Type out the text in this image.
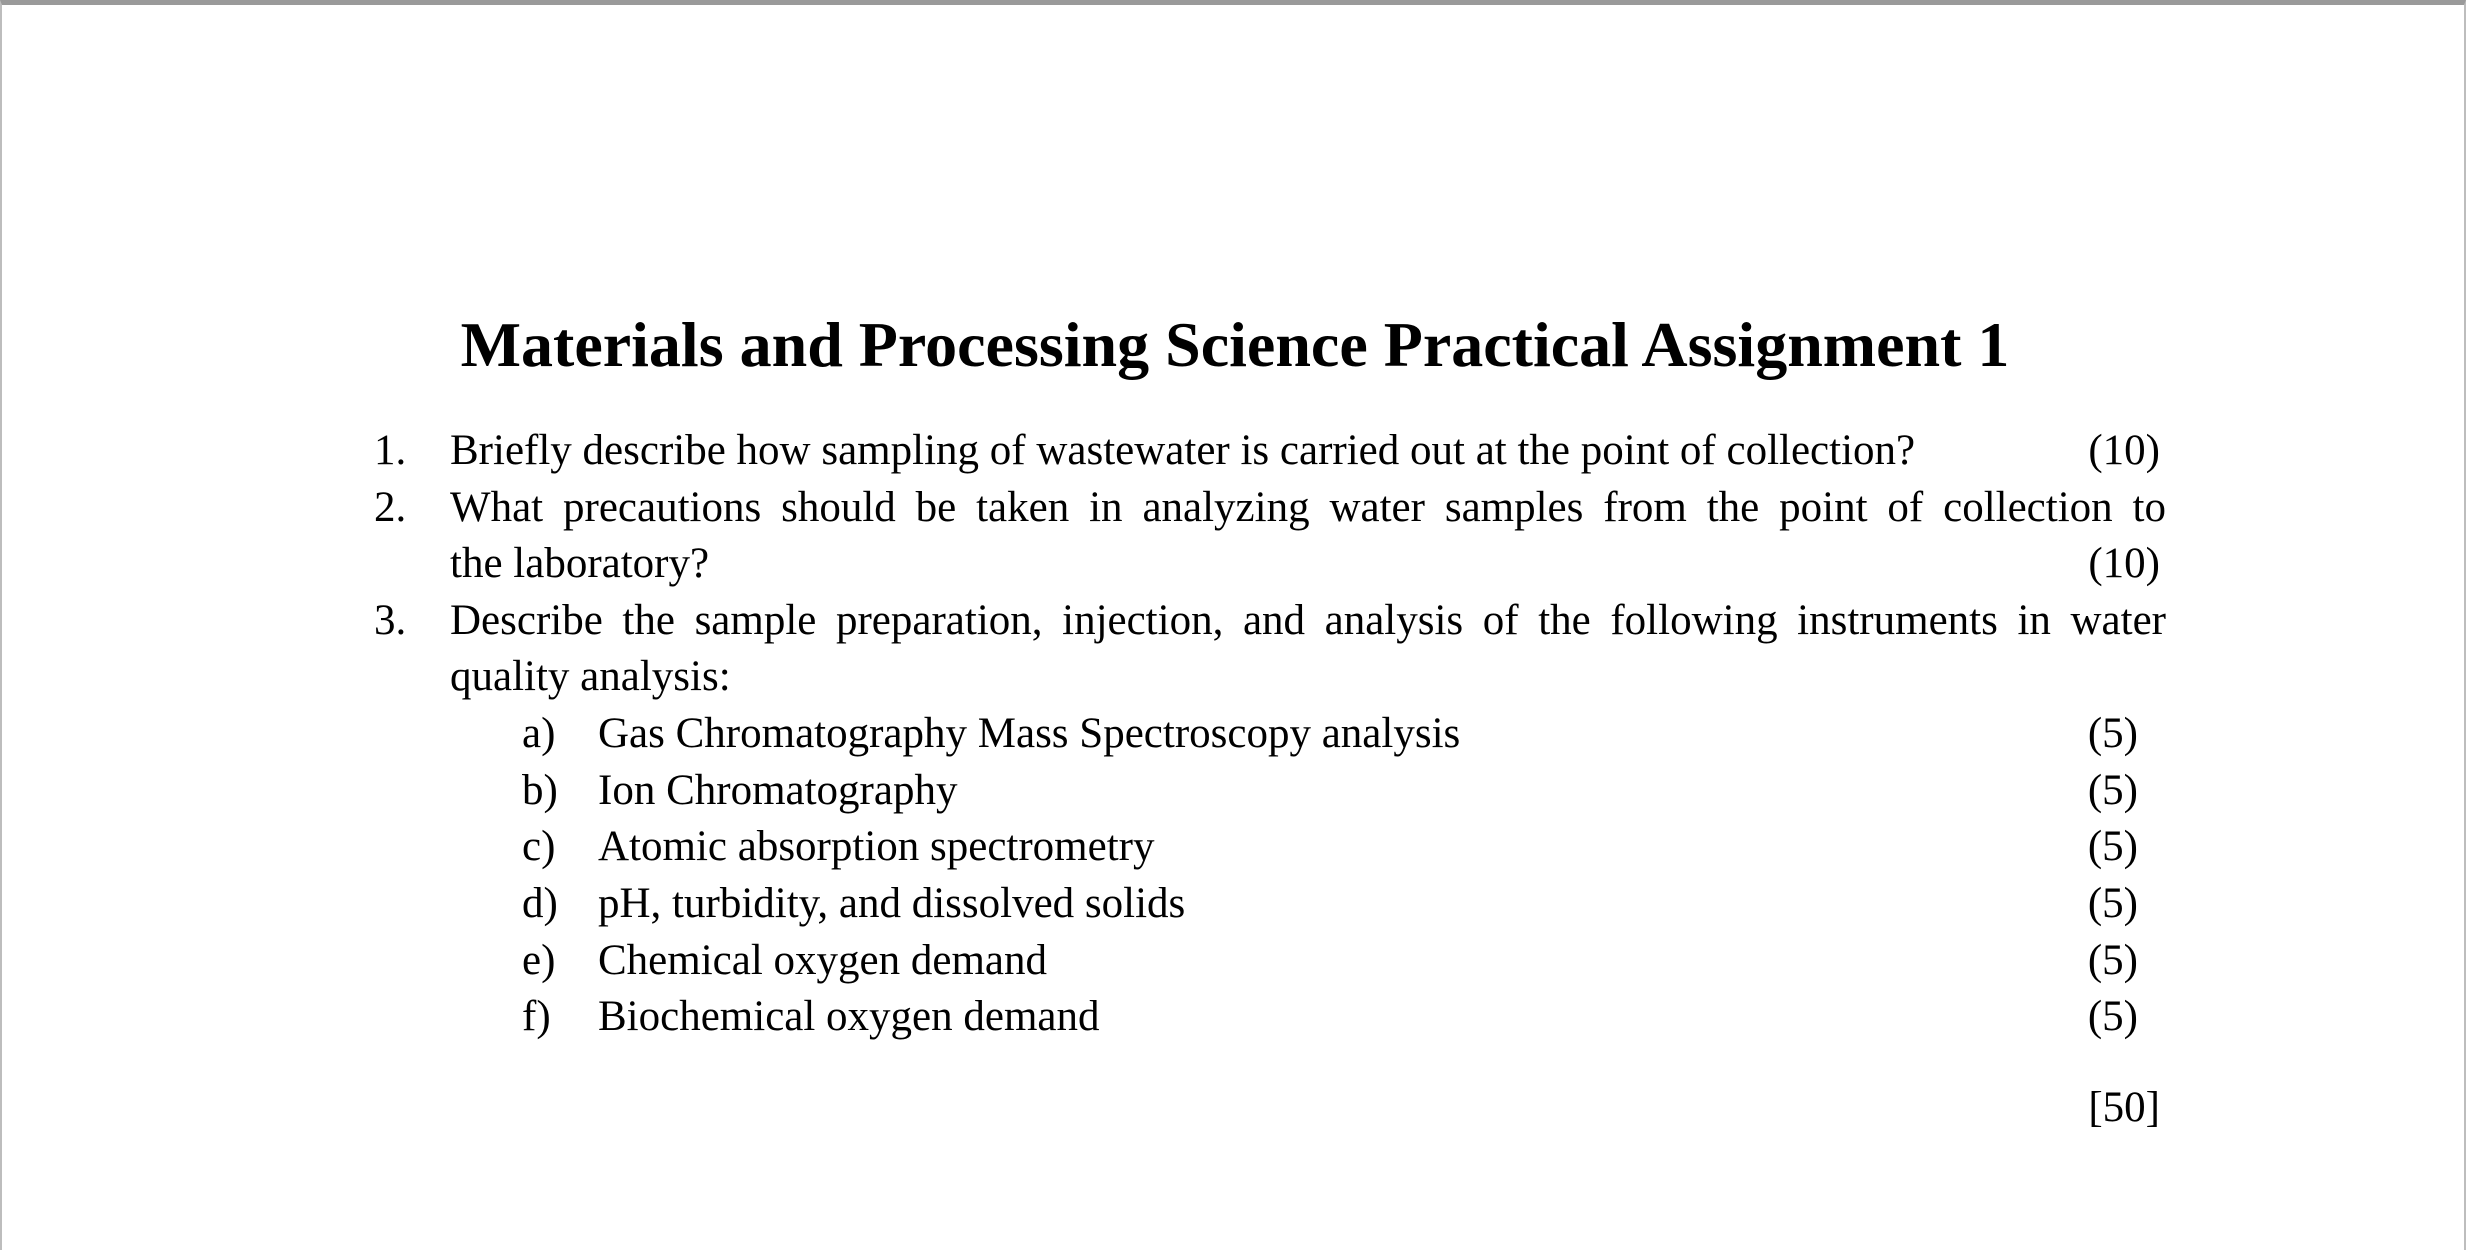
Materials and Processing Science Practical Assignment 1
1. Briefly describe how sampling of wastewater is carried out at the point of collection?	(10)
2. What precautions should be taken in analyzing water samples from the point of collection to
the laboratory?	(10)
3. Describe the sample preparation, injection, and analysis of the following instruments in water
quality analysis:
a) Gas Chromatography Mass Spectroscopy analysis	(5)
b) Ion Chromatography	(5)
c) Atomic absorption spectrometry	(5)
d) pH, turbidity, and dissolved solids	(5)
e) Chemical oxygen demand	(5)
f) Biochemical oxygen demand	(5)
[50]
